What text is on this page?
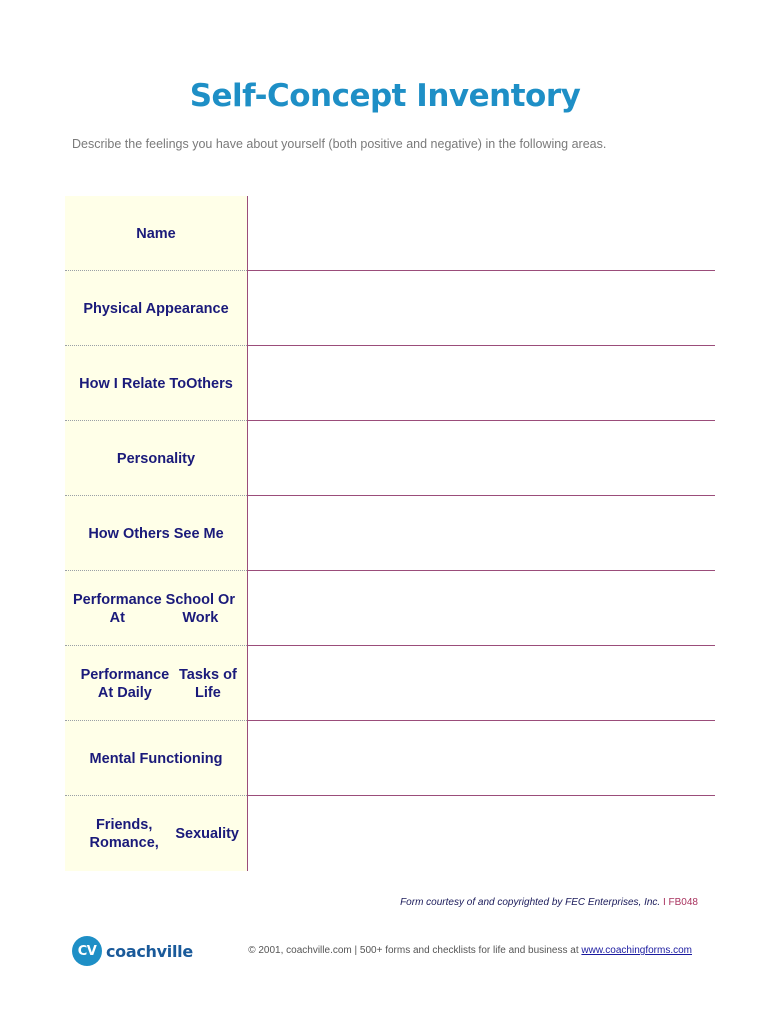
Self-Concept Inventory
Describe the feelings you have about yourself (both positive and negative) in the following areas.
Name
Physical Appearance
How I Relate To Others
Personality
How Others See Me
Performance At
School Or Work
Performance At Daily
Tasks of Life
Mental Functioning
Friends, Romance,
Sexuality
Form courtesy of and copyrighted by FEC Enterprises, Inc. I FB048
CV coachville	© 2001, coachville.com | 500+ forms and checklists for life and business at www.coachingforms.com
